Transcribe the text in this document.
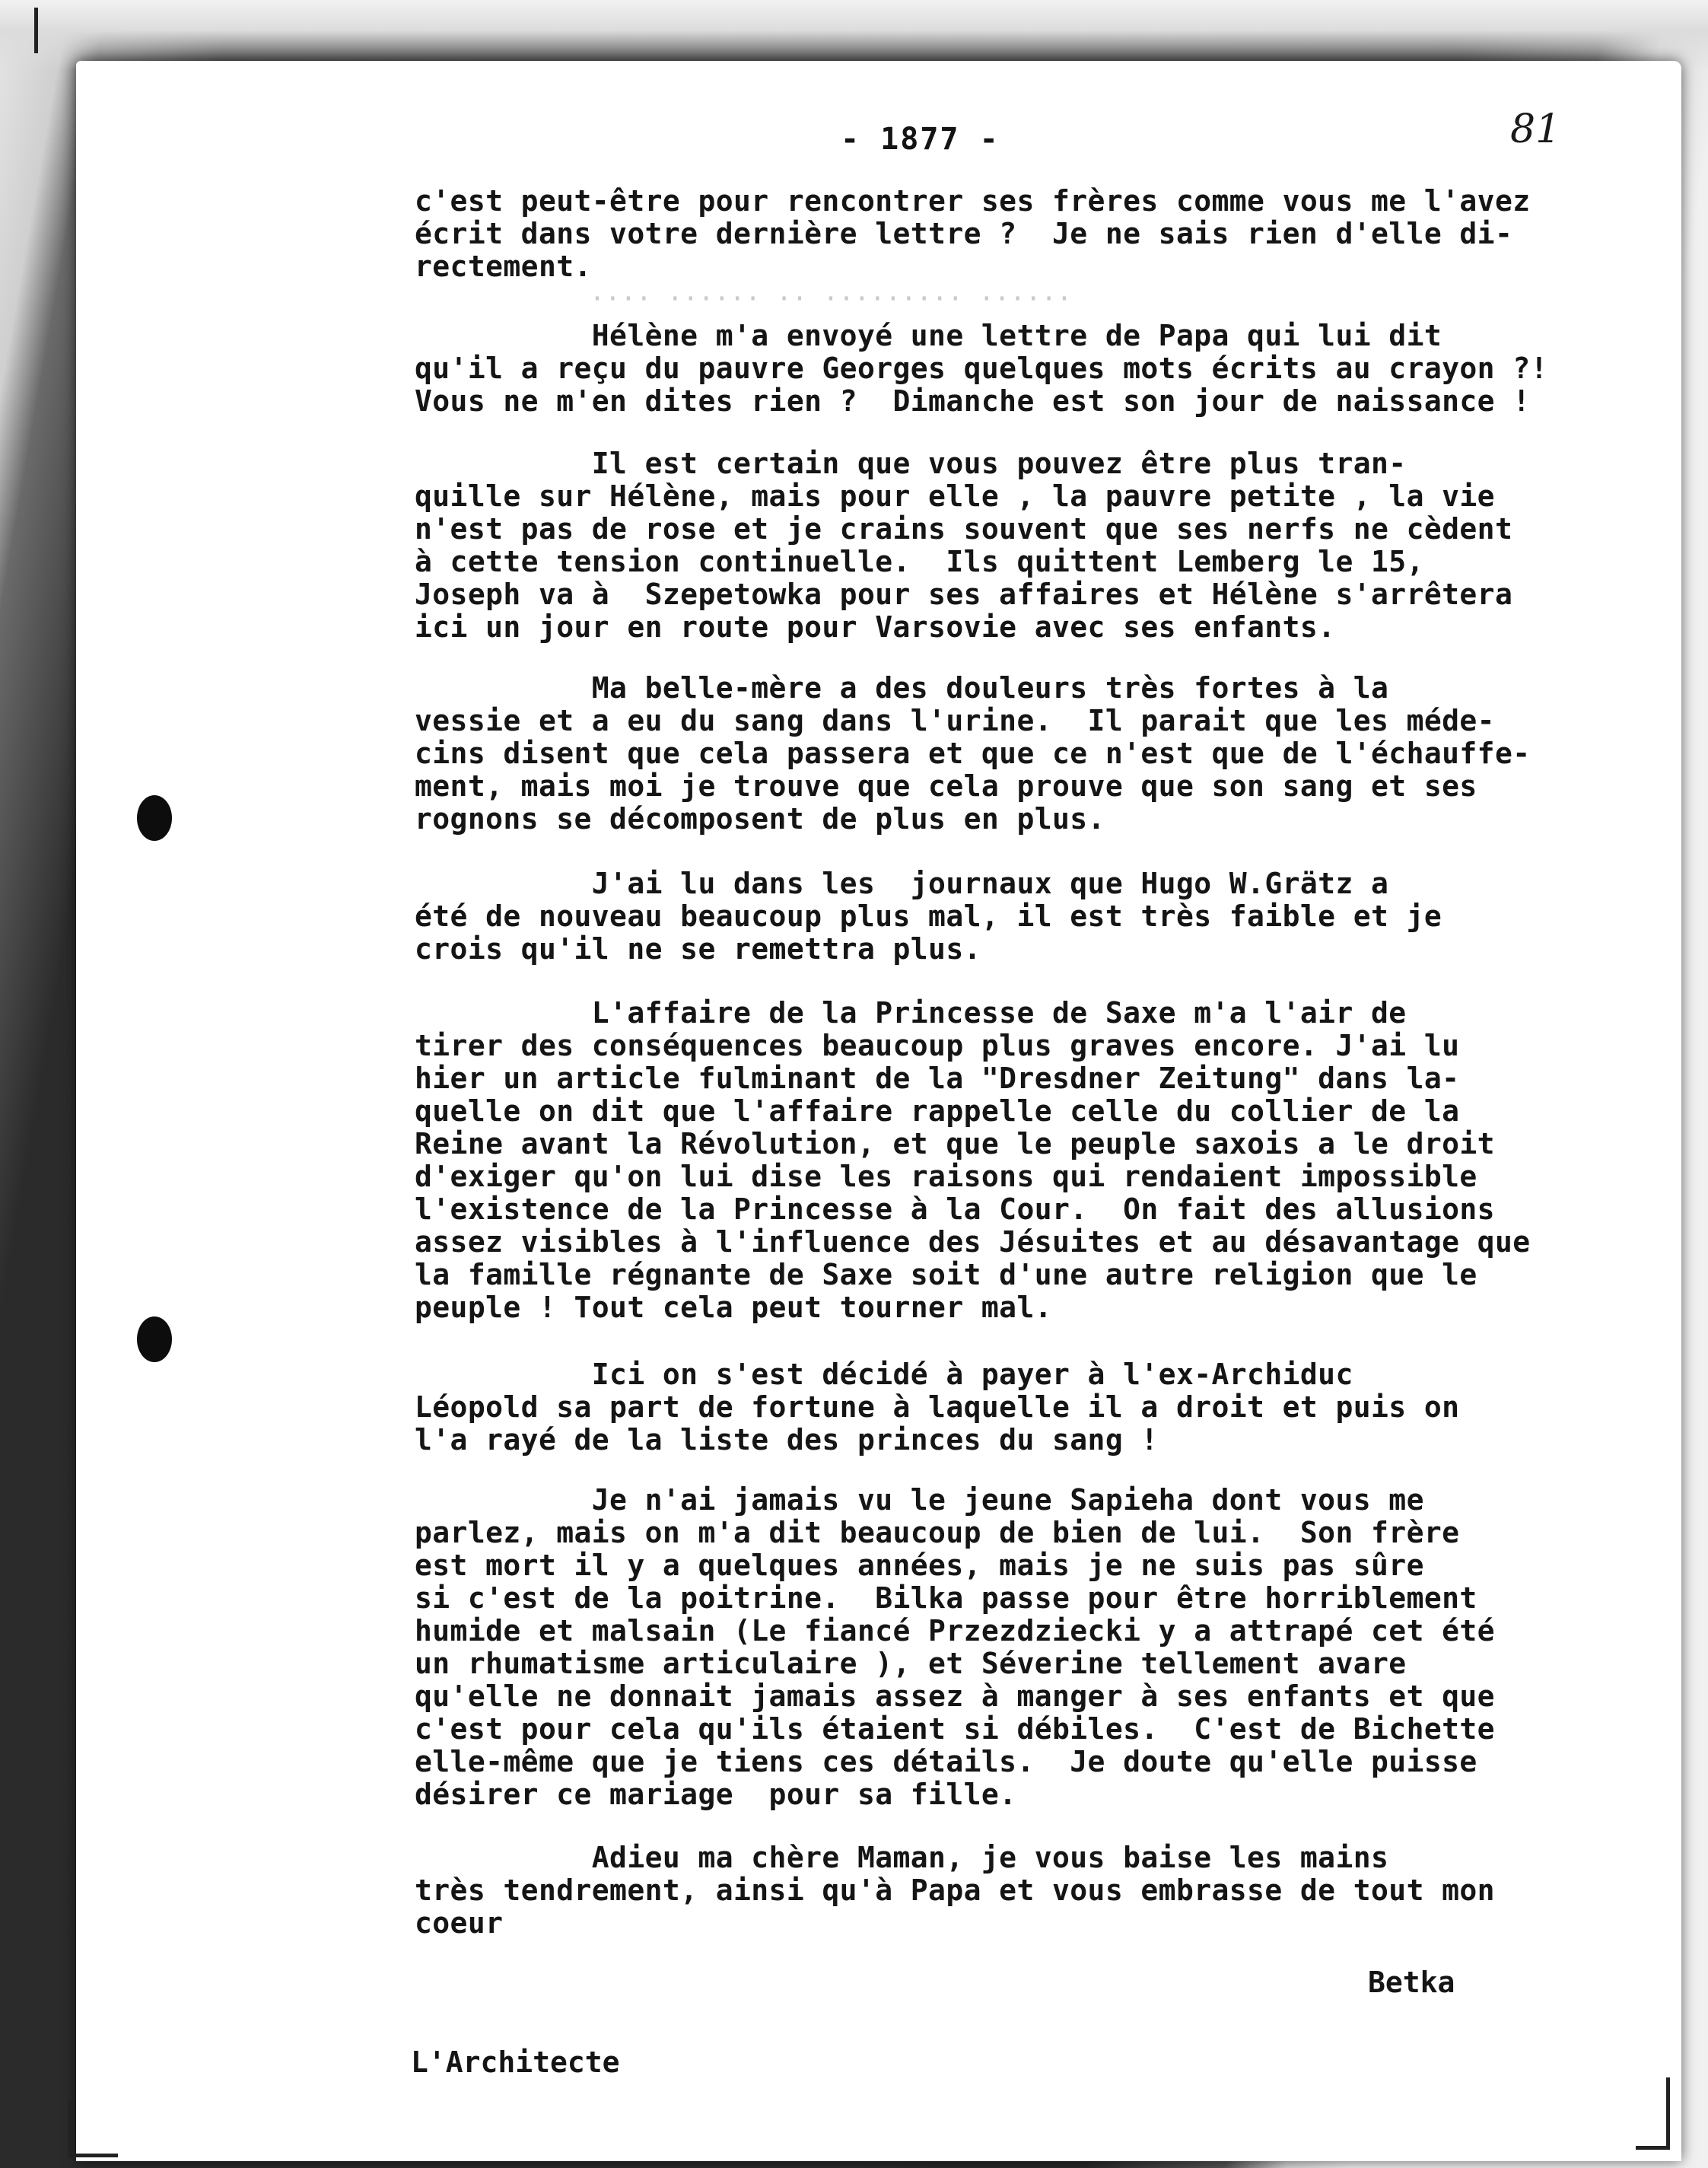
···· ······ ·· ········· ······
- 1877 -	81

c'est peut-être pour rencontrer ses frères comme vous me l'avez
écrit dans votre dernière lettre ?  Je ne sais rien d'elle di-
rectement.

Hélène m'a envoyé une lettre de Papa qui lui dit
qu'il a reçu du pauvre Georges quelques mots écrits au crayon ?!
Vous ne m'en dites rien ?  Dimanche est son jour de naissance !

Il est certain que vous pouvez être plus tran-
quille sur Hélène, mais pour elle , la pauvre petite , la vie
n'est pas de rose et je crains souvent que ses nerfs ne cèdent
à cette tension continuelle.  Ils quittent Lemberg le 15,
Joseph va à  Szepetowka pour ses affaires et Hélène s'arrêtera
ici un jour en route pour Varsovie avec ses enfants.

Ma belle-mère a des douleurs très fortes à la
vessie et a eu du sang dans l'urine.  Il parait que les méde-
cins disent que cela passera et que ce n'est que de l'échauffe-
ment, mais moi je trouve que cela prouve que son sang et ses
rognons se décomposent de plus en plus.

J'ai lu dans les  journaux que Hugo W.Grätz a
été de nouveau beaucoup plus mal, il est très faible et je
crois qu'il ne se remettra plus.

L'affaire de la Princesse de Saxe m'a l'air de
tirer des conséquences beaucoup plus graves encore. J'ai lu
hier un article fulminant de la "Dresdner Zeitung" dans la-
quelle on dit que l'affaire rappelle celle du collier de la
Reine avant la Révolution, et que le peuple saxois a le droit
d'exiger qu'on lui dise les raisons qui rendaient impossible
l'existence de la Princesse à la Cour.  On fait des allusions
assez visibles à l'influence des Jésuites et au désavantage que
la famille régnante de Saxe soit d'une autre religion que le
peuple ! Tout cela peut tourner mal.

Ici on s'est décidé à payer à l'ex-Archiduc
Léopold sa part de fortune à laquelle il a droit et puis on
l'a rayé de la liste des princes du sang !

Je n'ai jamais vu le jeune Sapieha dont vous me
parlez, mais on m'a dit beaucoup de bien de lui.  Son frère
est mort il y a quelques années, mais je ne suis pas sûre
si c'est de la poitrine.  Bilka passe pour être horriblement
humide et malsain (Le fiancé Przezdziecki y a attrapé cet été
un rhumatisme articulaire ), et Séverine tellement avare
qu'elle ne donnait jamais assez à manger à ses enfants et que
c'est pour cela qu'ils étaient si débiles.  C'est de Bichette
elle-même que je tiens ces détails.  Je doute qu'elle puisse
désirer ce mariage  pour sa fille.

Adieu ma chère Maman, je vous baise les mains
très tendrement, ainsi qu'à Papa et vous embrasse de tout mon
coeur

Betka
L'Architecte
